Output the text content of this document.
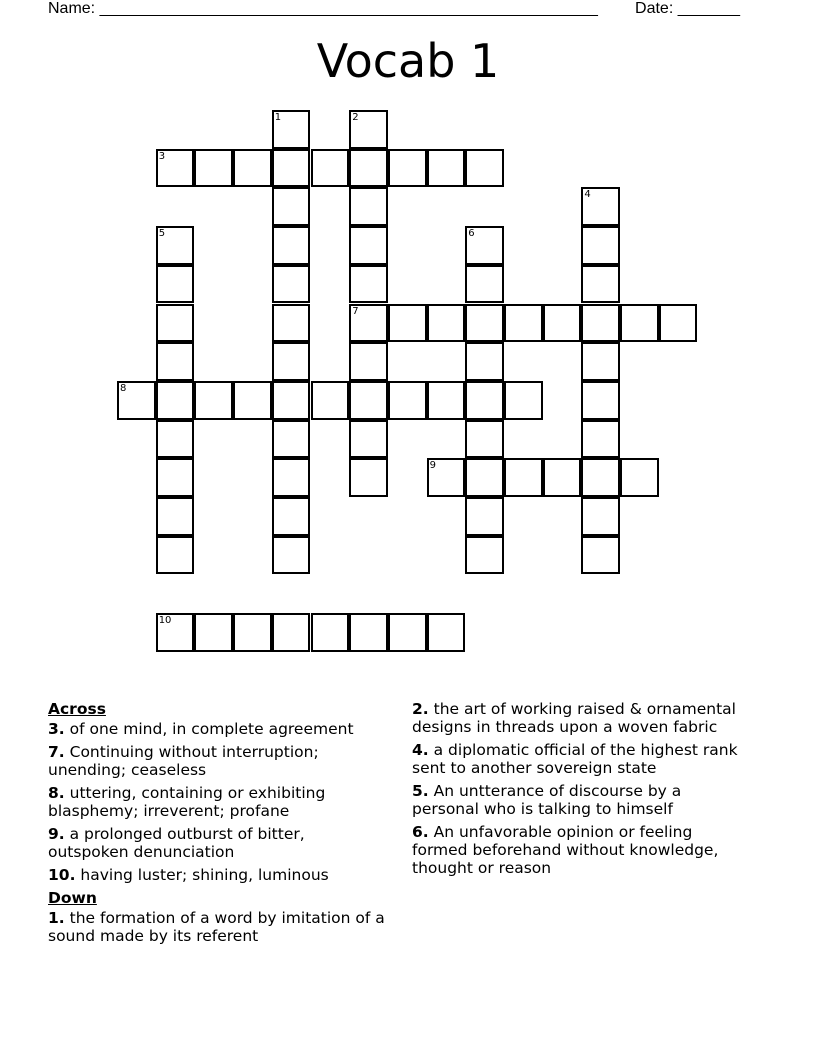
Name: ________________________________________________________ Date: _______
Vocab 1
1	2
7
3
4
5	6
8
9
10
Across
3. of one mind, in complete agreement
7. Continuing without interruption; unending; ceaseless
8. uttering, containing or exhibiting blasphemy; irreverent; profane
9. a prolonged outburst of bitter, outspoken denunciation
10. having luster; shining, luminous
Down
1. the formation of a word by imitation of a sound made by its referent
2. the art of working raised & ornamental designs in threads upon a woven fabric
4. a diplomatic official of the highest rank sent to another sovereign state
5. An untterance of discourse by a personal who is talking to himself
6. An unfavorable opinion or feeling formed beforehand without knowledge, thought or reason
